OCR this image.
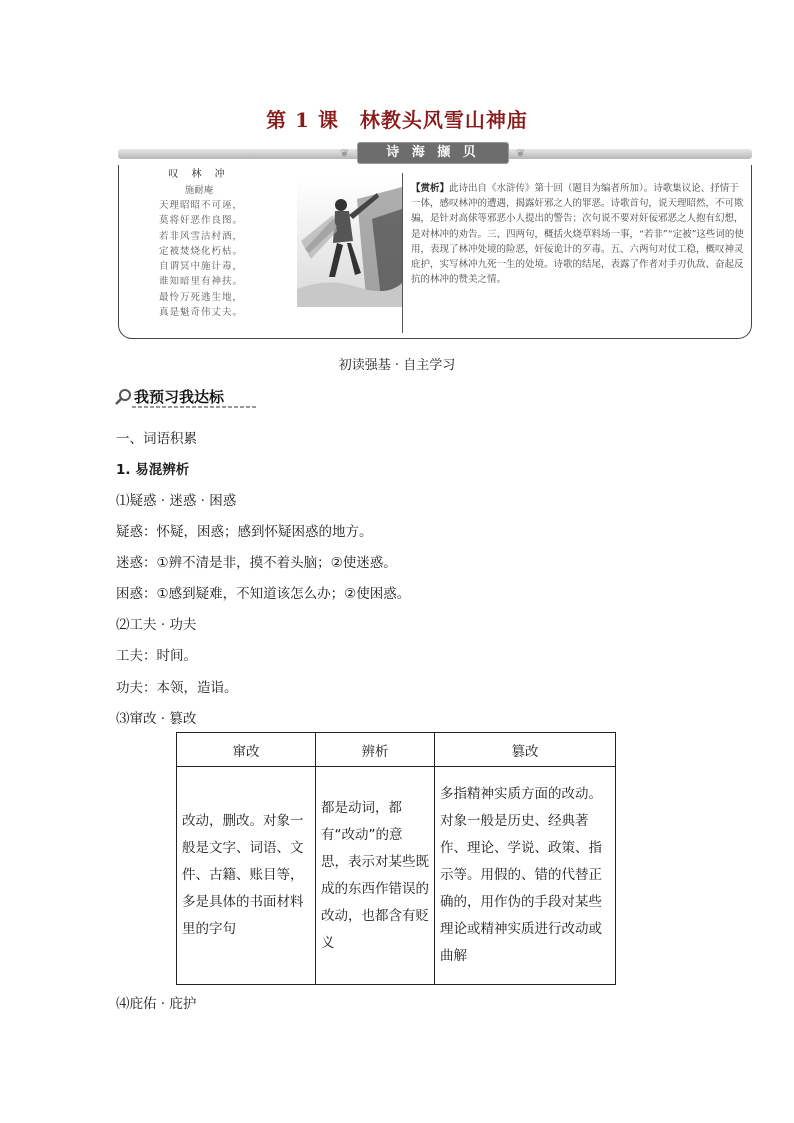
第 1 课　林教头风雪山神庙
❦	诗 海 撷 贝	❦
叹 林 冲
施耐庵
天理昭昭不可诬，
莫将奸恶作良图。
若非风雪沽村酒，
定被焚烧化朽枯。
自谓冥中施计毒，
谁知暗里有神扶。
最怜万死逃生地，
真是魁奇伟丈夫。
【赏析】此诗出自《水浒传》第十回（题目为编者所加）。诗歌集议论、抒情于一体，感叹林冲的遭遇，揭露奸邪之人的罪恶。诗歌首句，说天理昭然，不可欺骗，是针对高俅等邪恶小人提出的警告；次句说不要对奸佞邪恶之人抱有幻想，是对林冲的劝告。三、四两句，概括火烧草料场一事，“若非”“定被”这些词的使用，表现了林冲处境的险恶，奸佞诡计的歹毒。五、六两句对仗工稳，概叹神灵庇护，实写林冲九死一生的处境。诗歌的结尾，表露了作者对手刃仇敌、奋起反抗的林冲的赞美之情。
初读强基 · 自主学习
我预习我达标
一、词语积累
1. 易混辨析
⑴疑惑 · 迷惑 · 困惑
疑惑：怀疑，困惑；感到怀疑困惑的地方。
迷惑：①辨不清是非，摸不着头脑；②使迷惑。
困惑：①感到疑难，不知道该怎么办；②使困惑。
⑵工夫 · 功夫
工夫：时间。
功夫：本领，造诣。
⑶窜改 · 篡改
窜改	辨析	篡改
改动，删改。对象一般是文字、词语、文件、古籍、账目等，多是具体的书面材料里的字句	都是动词，都有“改动”的意思，表示对某些既成的东西作错误的改动，也都含有贬义	多指精神实质方面的改动。对象一般是历史、经典著作、理论、学说、政策、指示等。用假的、错的代替正确的，用作伪的手段对某些理论或精神实质进行改动或曲解
⑷庇佑 · 庇护
